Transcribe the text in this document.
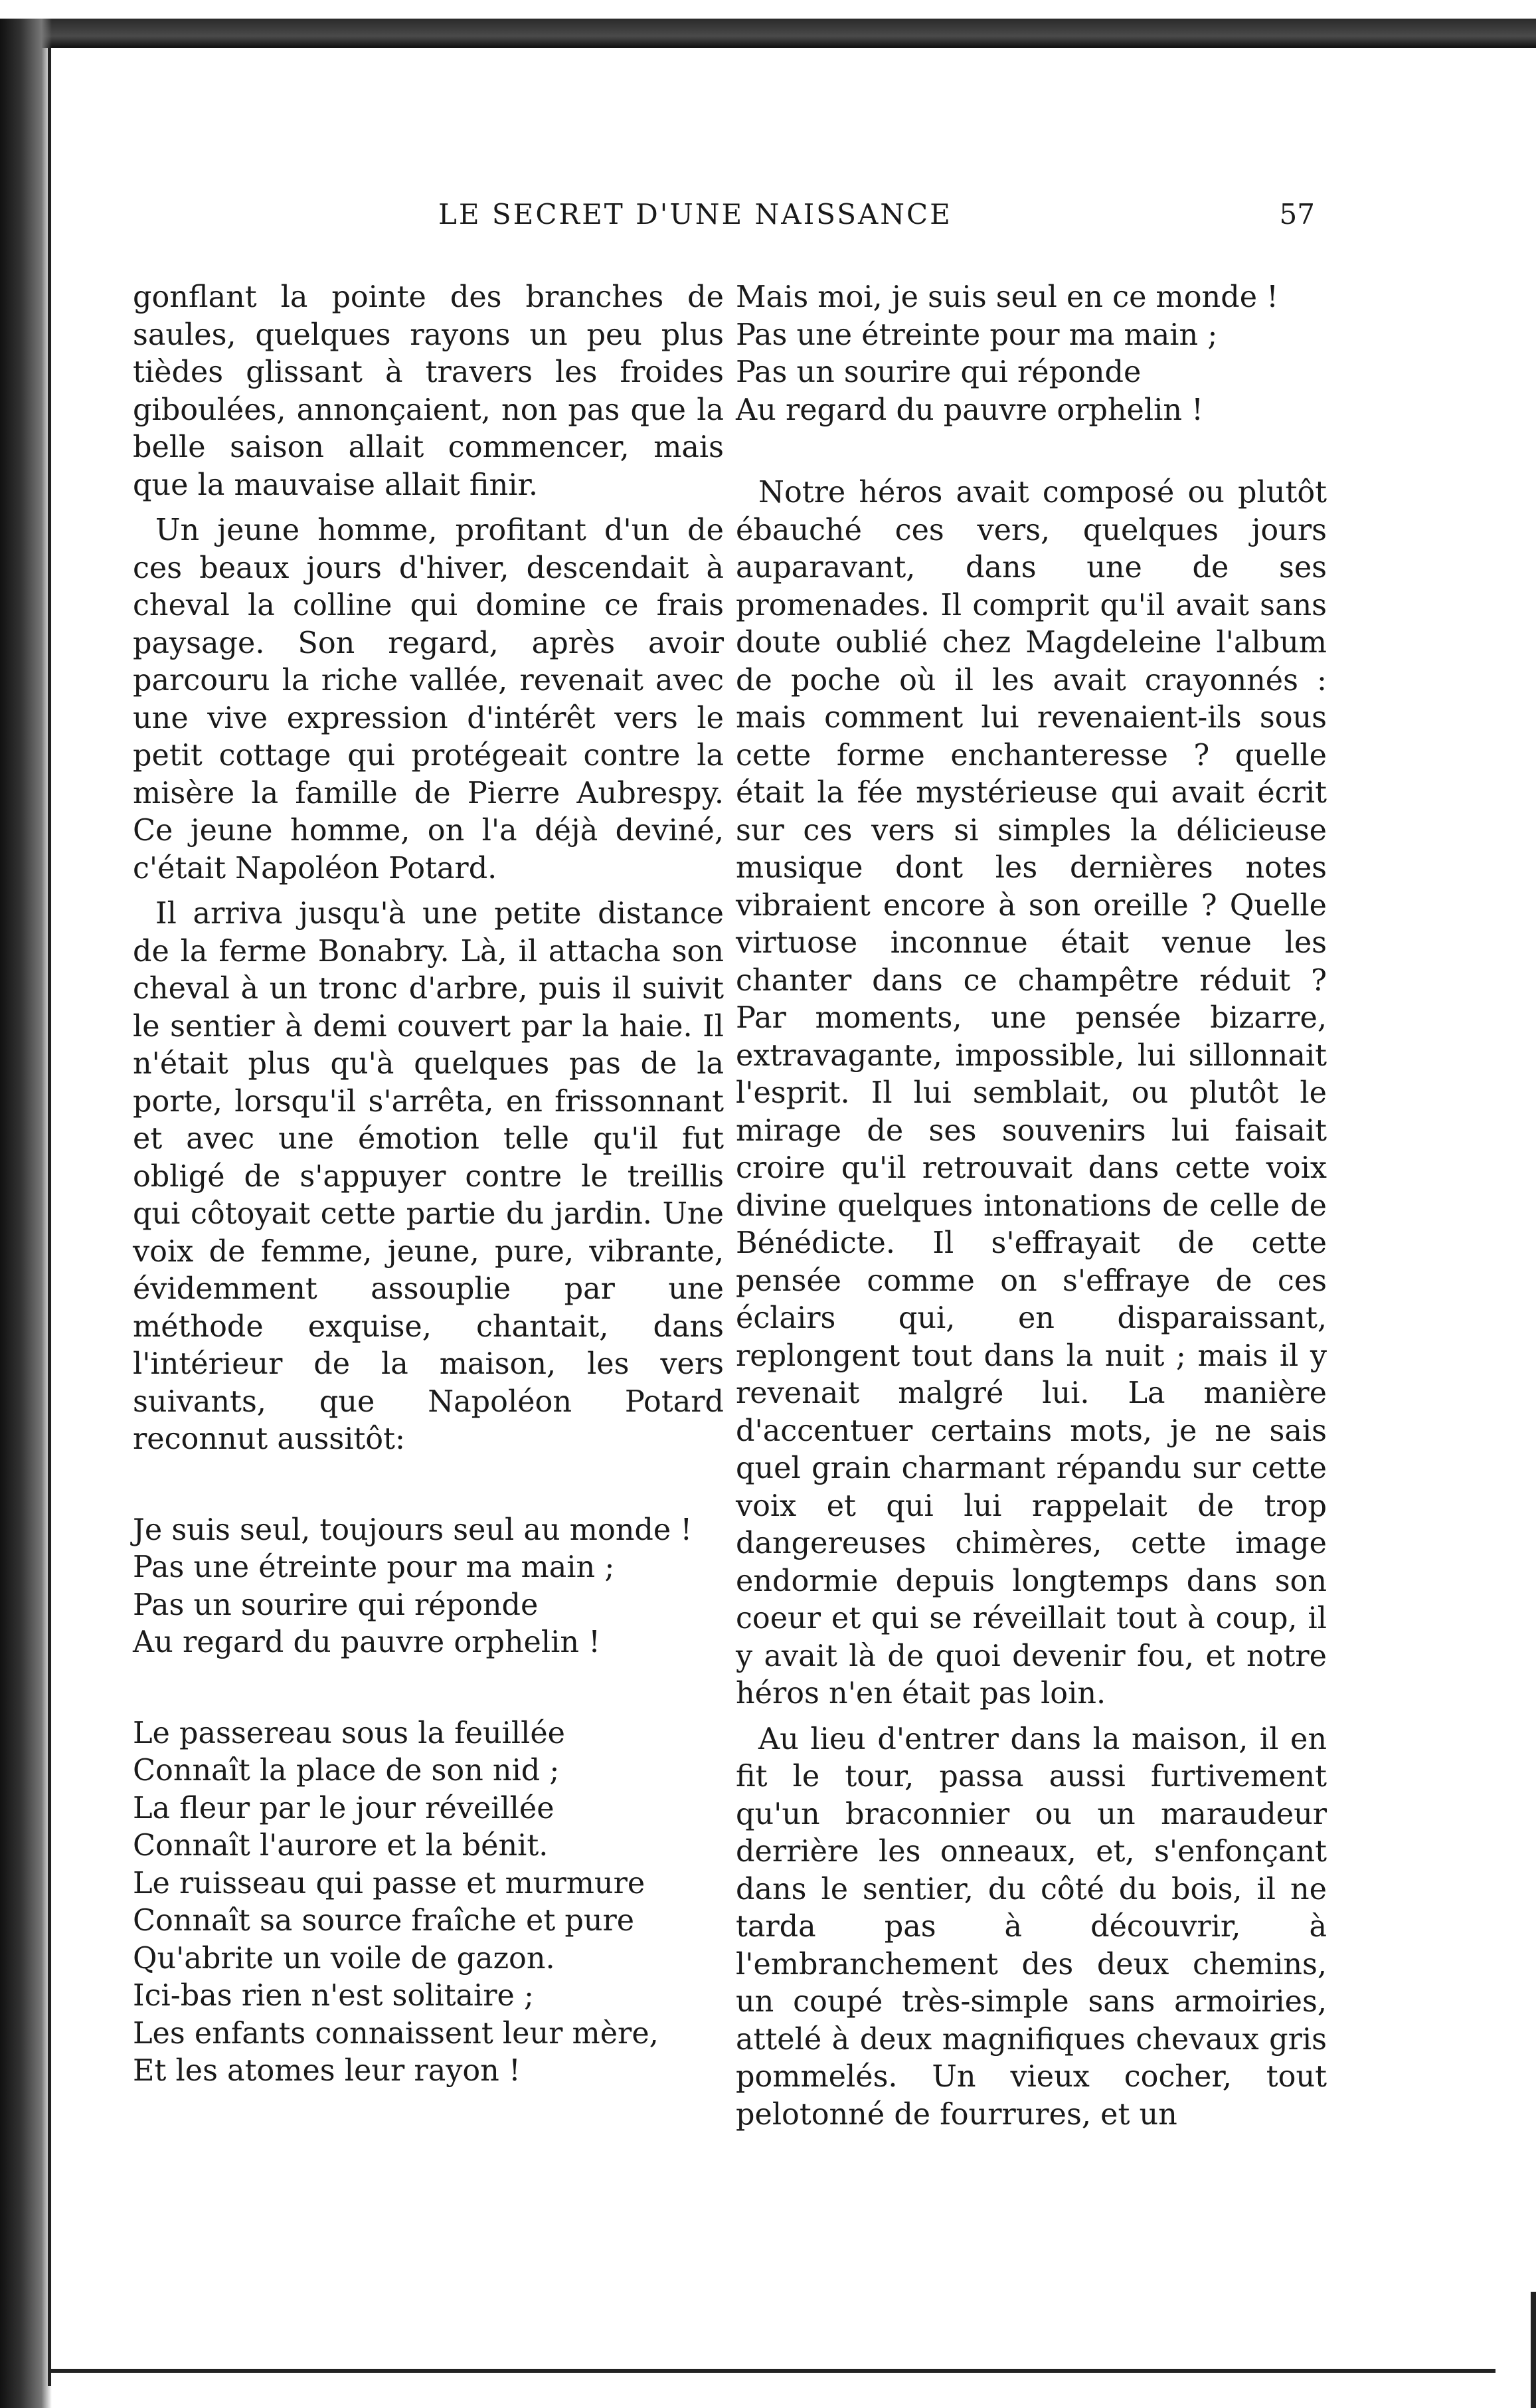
LE SECRET D'UNE NAISSANCE	57

gonflant la pointe des branches de saules, quelques rayons un peu plus tièdes glissant à travers les froides giboulées, annonçaient, non pas que la belle saison allait commencer, mais que la mauvaise allait finir.

Un jeune homme, profitant d'un de ces beaux jours d'hiver, descendait à cheval la colline qui domine ce frais paysage. Son regard, après avoir parcouru la riche vallée, revenait avec une vive expression d'intérêt vers le petit cottage qui protégeait contre la misère la famille de Pierre Aubrespy. Ce jeune homme, on l'a déjà deviné, c'était Napoléon Potard.

Il arriva jusqu'à une petite distance de la ferme Bonabry. Là, il attacha son cheval à un tronc d'arbre, puis il suivit le sentier à demi couvert par la haie. Il n'était plus qu'à quelques pas de la porte, lorsqu'il s'arrêta, en frissonnant et avec une émotion telle qu'il fut obligé de s'appuyer contre le treillis qui côtoyait cette partie du jardin. Une voix de femme, jeune, pure, vibrante, évidemment assouplie par une méthode exquise, chantait, dans l'intérieur de la maison, les vers suivants, que Napoléon Potard reconnut aussitôt:

Je suis seul, toujours seul au monde !
Pas une étreinte pour ma main ;
Pas un sourire qui réponde
Au regard du pauvre orphelin !
Le passereau sous la feuillée
Connaît la place de son nid ;
La fleur par le jour réveillée
Connaît l'aurore et la bénit.
Le ruisseau qui passe et murmure
Connaît sa source fraîche et pure
Qu'abrite un voile de gazon.
Ici-bas rien n'est solitaire ;
Les enfants connaissent leur mère,
Et les atomes leur rayon !
Mais moi, je suis seul en ce monde !
Pas une étreinte pour ma main ;
Pas un sourire qui réponde
Au regard du pauvre orphelin !

Notre héros avait composé ou plutôt ébauché ces vers, quelques jours auparavant, dans une de ses promenades. Il comprit qu'il avait sans doute oublié chez Magdeleine l'album de poche où il les avait crayonnés : mais comment lui revenaient-ils sous cette forme enchanteresse ? quelle était la fée mystérieuse qui avait écrit sur ces vers si simples la délicieuse musique dont les dernières notes vibraient encore à son oreille ? Quelle virtuose inconnue était venue les chanter dans ce champêtre réduit ? Par moments, une pensée bizarre, extravagante, impossible, lui sillonnait l'esprit. Il lui semblait, ou plutôt le mirage de ses souvenirs lui faisait croire qu'il retrouvait dans cette voix divine quelques intonations de celle de Bénédicte. Il s'effrayait de cette pensée comme on s'effraye de ces éclairs qui, en disparaissant, replongent tout dans la nuit ; mais il y revenait malgré lui. La manière d'accentuer certains mots, je ne sais quel grain charmant répandu sur cette voix et qui lui rappelait de trop dangereuses chimères, cette image endormie depuis longtemps dans son coeur et qui se réveillait tout à coup, il y avait là de quoi devenir fou, et notre héros n'en était pas loin.

Au lieu d'entrer dans la maison, il en fit le tour, passa aussi furtivement qu'un braconnier ou un maraudeur derrière les onneaux, et, s'enfonçant dans le sentier, du côté du bois, il ne tarda pas à découvrir, à l'embranchement des deux chemins, un coupé très-simple sans armoiries, attelé à deux magnifiques chevaux gris pommelés. Un vieux cocher, tout pelotonné de fourrures, et un
